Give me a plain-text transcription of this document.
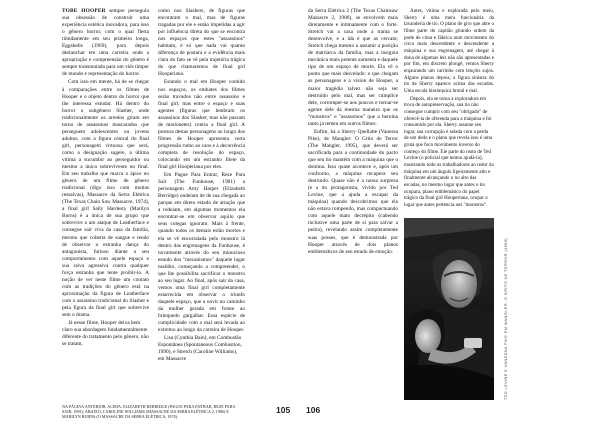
TOBE HOOPER sempre perseguiu sua obsessão de construir uma experiência estética inovadora, para isso o gênero horror, com o qual flerta timidamente em seu primeiro longa, Eggshells (1969), para depois deslanchar em uma carreira onde a apropriação e compreensão do gênero é sempre transmutada para um viés tímper de mundo e representação do horror.

Com isso em mente, há de se chegar à comparações entre os filmes de Hooper e o objeto dentro do horror que lhe interessa estudar. Há dentro do horror o subgênero Slasher, onde tradicionalmente os arredos giram em torno de assassinos mascarados que perseguem adolescentes ou jovens adultos, com a figura central do final girl, personagem virtuosa que será, como a designação sugere, a última vítima a sucumbir ao perseguidor ou mesmo a única sobrevivente no final. Em seu trabalho que marca o ápice no gênero de um filme de gênero tradicional (digo isso com muitas ressalvas), Massacre da Serra Elétrica (The Texas Chain Saw Massacre, 1974), a final girl Sally Hardesty (Marilyn Burns) é a única de sua grupo que sobrevive a um ataque de Leatherface e consegue sair viva da casa da família, mesmo que coberta de sangue e tendo de observar a estranha dança do antagonista, furioso diante a seu comportamento com aquele espaço e sua raiva agressiva contra qualquer força estranha que tente proibir-lo. A noção de ver neste filme um contato com as tradições do gênero está na aproximação da figura de Leatherface com o assassino tradicional do Slasher e pela figura da final girl que sobrevive sem o drama.

Já nesse filme, Hooper deixa bem claro sua abordagem fundamentalmente diferente do tratamento pelo gênero, não se tratam,

como nos Slashers, de figuras que encontram o mal, mas de figuras tragadas por ele e então impelidas a agir por influência direta do que se encontra nos espaços que estes "assassinos" habitam, é só que nada vai quanto diferença de postura e a evidência mais clara do fato se vê pela trajetória trágica do que chamaremos de final girl Hooperiana.

Estando o mal em Hooper contido nos espaços, os embates dos filmes serão travados não entre assassino e final girl, mas entre o espaço e suas agentes (figuras que lembram os assassinos dos Slasher, mas não passam de marionetes) contra a final girl. A postura destas personagens ao longo dos filmes de Hooper apresenta certa progressão rumo ao caos e à decorrência completa de resolução do espaço, colocando em um estranho filete da final girl Hooperiana por eles.

Em Pague Para Entrar, Reze Para Sair (The Funhouse, 1981) a personagem Amy Harper (Elizabeth Berridge) ondeiam de de sua chegada ao parque em direto estado de atração que a rodeiam, em algumas momentos ela encontrar-se em observar aquilo que seus colegas ignoram. Mais à frente, quando todos os demais estão mortos e ela se vê encurralada pelo monstro lá dentro das engrenagens da Funhouse, é novamente através do seu minucioso estudo dos "mecanismos" daquele lugar maldito, começando a compreender, o que lhe possibilita sacrificar o monstro ao seu lugar. Ao final, após sair da casa, vemos uma final girl completamente estarrecida em observar o triunfo daquele espaço, que a ouvir no caminho da mulher gerada em frente ao brinquedo gargalhar. Essa espécie de cumplicidade com o mal será levada ao extremo ao longo da carreira de Hooper.

Lisa (Cynthia Bain), em Combustão Espontânea (Spontaneous Combustion, 1990), e Stretch (Caroline Williams), em Massacre

da Serra Elétrica 2 (The Texas Chainsaw Massacre 2, 1986), se envolvem mais diretamente e intimamente com o forte. Stretch vai a casa onde a trama se desenvolve, e a ida é que as cercam; Stretch chega mesmo a assumir a posição de matriarca da família, mas a insígnia mecânica mais potente aumenta e daquele tipo de um espaço de morte. Ela vê o ponto que mais desvelado: o que chegam as personagens e a vision de Hooper, a maior tragédia talvez não seja ser destruído pelo mal, mas ser cúmplice dele, corromper-se aos poucos e tornar-se agente dele da mesma maneira que os "monstros" e "assassinos" que a heroína tanto já temeu em outros filmes.

Enfim, há a Sherry Quellatte (Vanessa Pike), de Mangler: O Grito de Terror (The Mangler, 1995), que deverá ser sacrificada para a continuidade do pacto que seu tio mantém com a máquina que o domina. Isso quase acontece e, após um confronto, a máquina recupera seu destruido. Quase não é a nossa surpresa (e a do protagonista, vivido por Ted Levine, que a ajuda a escapar da máquina) quando descobrimos que ela não estava rompendo, mas compactuando com aquele mato decrépito (cabendo inclusive uma parte de si para salvar a pedra), revelando assim completamente suas posses, que é demonstrada por Hooper através de dois planos emblemáticos de seu estado de emoção.

Antes, vítima e explorada pelo meio, Sherry é uma mera funcionária da lavanderia de tio. O plano de giro que abre o filme parte do capitão girando ordem da parte de cima e fábrica num movimento do circo mais descendente e descendente a máquina e sua engrenagem, até chegar à dona de algumas leis não são apresentadas e por fim, em discreto plongê, vemos Sherry enjaurando um carrinho com lençóis sujos. Alguns planos depois, a figura sinistra do tio de Sherry aparece acima das escadas. Uma escala hierárquica brutal e mal.

Depois, ela se torna a exploradora em troca de autopreservação, sua tio não consegue cumprir com seu "obrigado" de oferecê-la de oferenda para a máquina e foi consumido por ela. Sherry assume seu lugar, sua corrupção é selada com a perda de um dedo e o plano que revela isso é uma gruta que foco movimento inverso do começo do filme. Ele parte do rosto de Ted Levine (o policial que tentou ajudá-la), mostrando todo os trabalhadores ao redor da máquina em um ângulo ligeiramente alto e finalmente alcançando o no alto das escadas, no mesmo lugar que antes o tio ocupara, plano emblemático do papel trágico da final girl Hooperiana, ocupar o lugar que antes pertencia aos "monstros".

TED LEVINE E VANESSA PIKE EM MANGLER: O GRITO DE TERROR (1995)
NA PÁGINA ANTERIOR, ACIMA: ELIZABETH BERRIDGE (PAGUE PARA ENTRAR, REZE PARA SAIR, 1981); ABAIXO, CAROLINE WILLIAMS (MASSACRE DA SERRA ELÉTRICA 2, 1986) E MARILYN BURNS (O MASSACRE DA SERRA ELÉTRICA, 1974).
105 106
